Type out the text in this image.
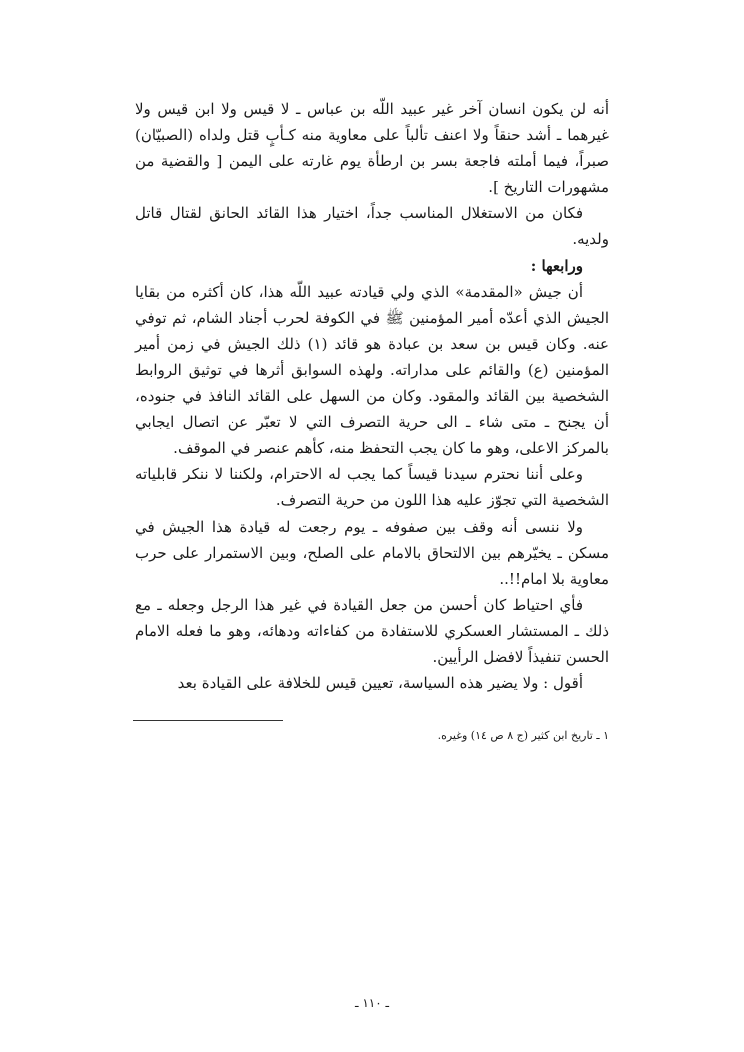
أنه لن يكون انسان آخر غير عبيد اللّه بن عباس ـ لا قيس ولا ابن قيس ولا غيرهما ـ أشد حنقاً ولا اعنف تألباً على معاوية منه كـأبٍ قتل ولداه (الصبيّان) صبراً، فيما أملته فاجعة بسر بن ارطأة يوم غارته على اليمن [ والقضية من مشهورات التاريخ ].

فكان من الاستغلال المناسب جداً، اختيار هذا القائد الحانق لقتال قاتل ولديه.

ورابعها :

أن جيش «المقدمة» الذي ولي قيادته عبيد اللّه هذا، كان أكثره من بقايا الجيش الذي أعدّه أمير المؤمنين ﷺ في الكوفة لحرب أجناد الشام، ثم توفي عنه. وكان قيس بن سعد بن عبادة هو قائد (١) ذلك الجيش في زمن أمير المؤمنين (ع) والقائم على مداراته. ولهذه السوابق أثرها في توثيق الروابط الشخصية بين القائد والمقود. وكان من السهل على القائد النافذ في جنوده، أن يجنح ـ متى شاء ـ الى حرية التصرف التي لا تعبّر عن اتصال ايجابي بالمركز الاعلى، وهو ما كان يجب التحفظ منه، كأهم عنصر في الموقف.

وعلى أننا نحترم سيدنا قيساً كما يجب له الاحترام، ولكننا لا ننكر قابلياته الشخصية التي تجوّز عليه هذا اللون من حرية التصرف.

ولا ننسى أنه وقف بين صفوفه ـ يوم رجعت له قيادة هذا الجيش في مسكن ـ يخيّرهم بين الالتحاق بالامام على الصلح، وبين الاستمرار على حرب معاوية بلا امام!!..

فأي احتياط كان أحسن من جعل القيادة في غير هذا الرجل وجعله ـ مع ذلك ـ المستشار العسكري للاستفادة من كفاءاته ودهائه، وهو ما فعله الامام الحسن تنفيذاً لافضل الرأيين.

أقول : ولا يضير هذه السياسة، تعيين قيس للخلافة على القيادة بعد

١ ـ تاريخ ابن كثير (ج ٨ ص ١٤) وغيره.

ـ ١١٠ ـ
